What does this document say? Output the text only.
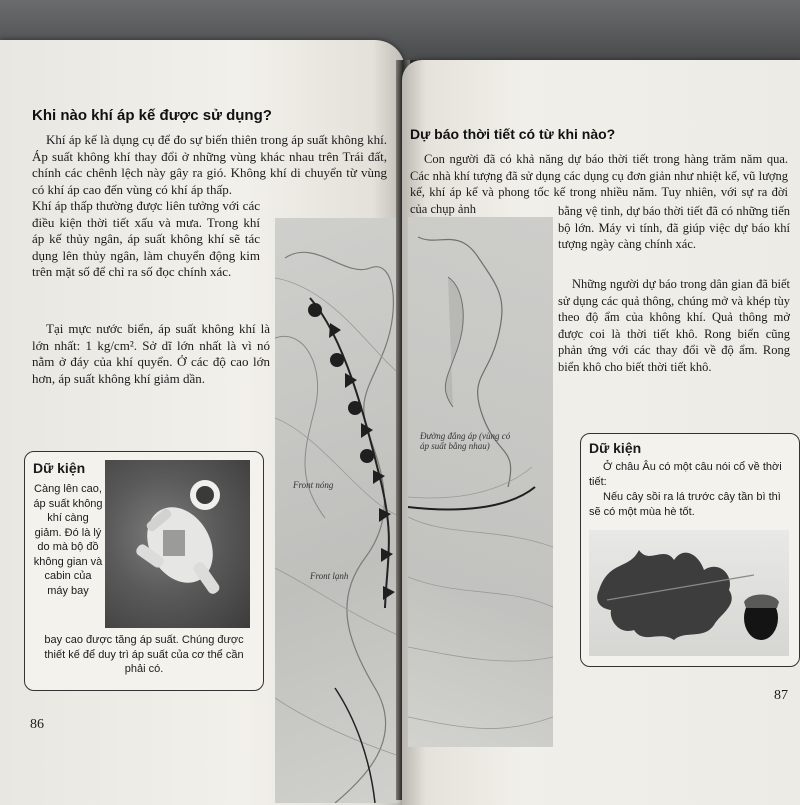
Khi nào khí áp kế được sử dụng?

Khí áp kế là dụng cụ để đo sự biến thiên trong áp suất không khí. Áp suất không khí thay đổi ở những vùng khác nhau trên Trái đất, chính các chênh lệch này gây ra gió. Không khí di chuyển từ vùng có khí áp cao đến vùng có khí áp thấp.

Khí áp thấp thường được liên tưởng với các điều kiện thời tiết xấu và mưa. Trong khí áp kế thủy ngân, áp suất không khí sẽ tác dụng lên thủy ngân, làm chuyển động kim trên mặt số để chỉ ra số đọc chính xác.

Tại mực nước biển, áp suất không khí là lớn nhất: 1 kg/cm². Sở dĩ lớn nhất là vì nó nằm ở đáy của khí quyển. Ở các độ cao lớn hơn, áp suất không khí giảm dần.

Front nóng
Front lạnh
Dữ kiện

Càng lên cao, áp suất không khí càng giảm. Đó là lý do mà bộ đồ không gian và cabin của máy bay

bay cao được tăng áp suất. Chúng được thiết kế để duy trì áp suất của cơ thể cần phải có.

86
Dự báo thời tiết có từ khi nào?

Con người đã có khả năng dự báo thời tiết trong hàng trăm năm qua. Các nhà khí tượng đã sử dụng các dụng cụ đơn giản như nhiệt kế, vũ lượng kế, khí áp kế và phong tốc kế trong nhiều năm. Tuy nhiên, với sự ra đời của chụp ảnh	bằng vệ tinh, dự báo thời tiết đã có những tiến bộ lớn. Máy vi tính, đã giúp việc dự báo khí tượng ngày càng chính xác.

Những người dự báo trong dân gian đã biết sử dụng các quả thông, chúng mở và khép tùy theo độ ẩm của không khí. Quả thông mở được coi là thời tiết khô. Rong biển cũng phản ứng với các thay đổi về độ ẩm. Rong biển khô cho biết thời tiết khô.

Đường đẳng áp (vùng có áp suất bằng nhau)	Dữ kiện

Ở châu Âu có một câu nói cổ về thời tiết:

Nếu cây sồi ra lá trước cây tần bì thì sẽ có một mùa hè tốt.

87
